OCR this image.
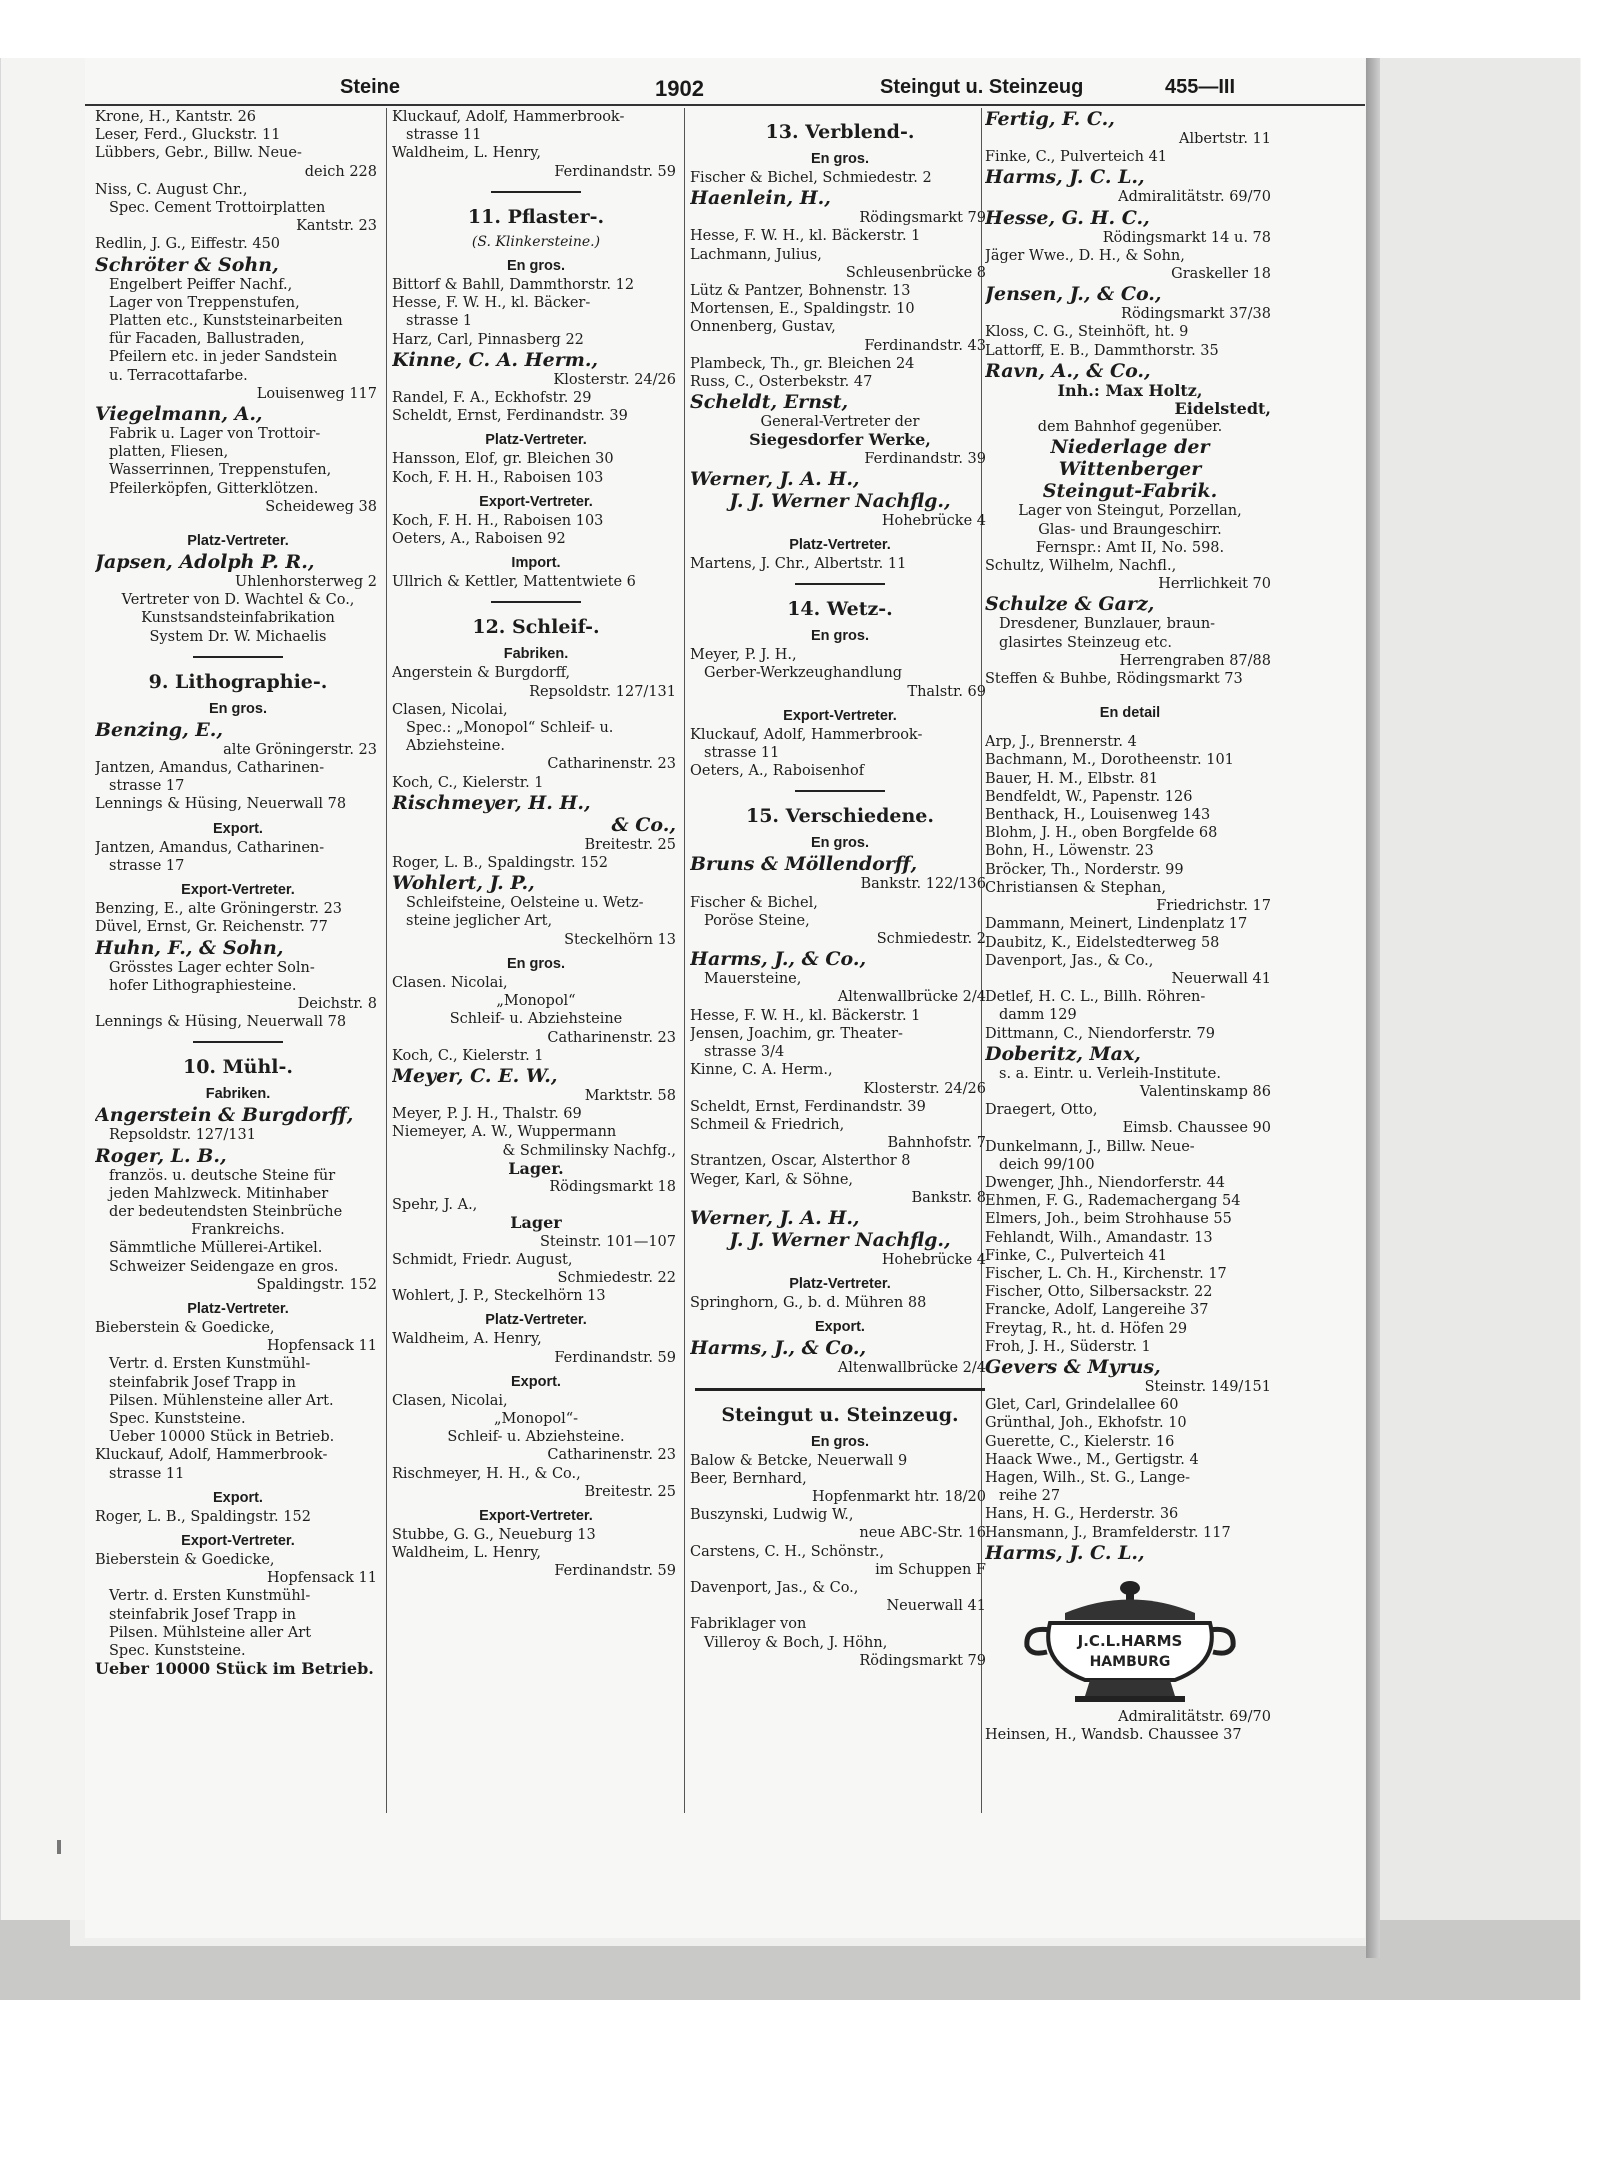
Steine	1902	Steingut u. Steinzeug	455—III
Krone, H., Kantstr. 26
Leser, Ferd., Gluckstr. 11
Lübbers, Gebr., Billw. Neue-
deich 228
Niss, C. August Chr.,
Spec. Cement Trottoirplatten
Kantstr. 23
Redlin, J. G., Eiffestr. 450
Schröter & Sohn,
Engelbert Peiffer Nachf.,
Lager von Treppenstufen,
Platten etc., Kunststeinarbeiten
für Facaden, Ballustraden,
Pfeilern etc. in jeder Sandstein
u. Terracottafarbe.
Louisenweg 117
Viegelmann, A.,
Fabrik u. Lager von Trottoir-
platten, Fliesen,
Wasserrinnen, Treppenstufen,
Pfeilerköpfen, Gitterklötzen.
Scheideweg 38
Platz-Vertreter.
Japsen, Adolph P. R.,
Uhlenhorsterweg 2
Vertreter von D. Wachtel & Co.,
Kunstsandsteinfabrikation
System Dr. W. Michaelis
9. Lithographie-.
En gros.
Benzing, E.,
alte Gröningerstr. 23
Jantzen, Amandus, Catharinen-
strasse 17
Lennings & Hüsing, Neuerwall 78
Export.
Jantzen, Amandus, Catharinen-
strasse 17
Export-Vertreter.
Benzing, E., alte Gröningerstr. 23
Düvel, Ernst, Gr. Reichenstr. 77
Huhn, F., & Sohn,
Grösstes Lager echter Soln-
hofer Lithographiesteine.
Deichstr. 8
Lennings & Hüsing, Neuerwall 78
10. Mühl-.
Fabriken.
Angerstein & Burgdorff,
Repsoldstr. 127/131
Roger, L. B.,
französ. u. deutsche Steine für
jeden Mahlzweck. Mitinhaber
der bedeutendsten Steinbrüche
Frankreichs.
Sämmtliche Müllerei-Artikel.
Schweizer Seidengaze en gros.
Spaldingstr. 152
Platz-Vertreter.
Bieberstein & Goedicke,
Hopfensack 11
Vertr. d. Ersten Kunstmühl-
steinfabrik Josef Trapp in
Pilsen. Mühlensteine aller Art.
Spec. Kunststeine.
Ueber 10000 Stück in Betrieb.
Kluckauf, Adolf, Hammerbrook-
strasse 11
Export.
Roger, L. B., Spaldingstr. 152
Export-Vertreter.
Bieberstein & Goedicke,
Hopfensack 11
Vertr. d. Ersten Kunstmühl-
steinfabrik Josef Trapp in
Pilsen. Mühlsteine aller Art
Spec. Kunststeine.
Ueber 10000 Stück im Betrieb.
Kluckauf, Adolf, Hammerbrook-
strasse 11
Waldheim, L. Henry,
Ferdinandstr. 59
11. Pflaster-.
(S. Klinkersteine.)
En gros.
Bittorf & Bahll, Dammthorstr. 12
Hesse, F. W. H., kl. Bäcker-
strasse 1
Harz, Carl, Pinnasberg 22
Kinne, C. A. Herm.,
Klosterstr. 24/26
Randel, F. A., Eckhofstr. 29
Scheldt, Ernst, Ferdinandstr. 39
Platz-Vertreter.
Hansson, Elof, gr. Bleichen 30
Koch, F. H. H., Raboisen 103
Export-Vertreter.
Koch, F. H. H., Raboisen 103
Oeters, A., Raboisen 92
Import.
Ullrich & Kettler, Mattentwiete 6
12. Schleif-.
Fabriken.
Angerstein & Burgdorff,
Repsoldstr. 127/131
Clasen, Nicolai,
Spec.: „Monopol“ Schleif- u.
Abziehsteine.
Catharinenstr. 23
Koch, C., Kielerstr. 1
Rischmeyer, H. H.,
& Co.,
Breitestr. 25
Roger, L. B., Spaldingstr. 152
Wohlert, J. P.,
Schleifsteine, Oelsteine u. Wetz-
steine jeglicher Art,
Steckelhörn 13
En gros.
Clasen. Nicolai,
„Monopol“
Schleif- u. Abziehsteine
Catharinenstr. 23
Koch, C., Kielerstr. 1
Meyer, C. E. W.,
Marktstr. 58
Meyer, P. J. H., Thalstr. 69
Niemeyer, A. W., Wuppermann
& Schmilinsky Nachfg.,
Lager.
Rödingsmarkt 18
Spehr, J. A.,
Lager
Steinstr. 101—107
Schmidt, Friedr. August,
Schmiedestr. 22
Wohlert, J. P., Steckelhörn 13
Platz-Vertreter.
Waldheim, A. Henry,
Ferdinandstr. 59
Export.
Clasen, Nicolai,
„Monopol“-
Schleif- u. Abziehsteine.
Catharinenstr. 23
Rischmeyer, H. H., & Co.,
Breitestr. 25
Export-Vertreter.
Stubbe, G. G., Neueburg 13
Waldheim, L. Henry,
Ferdinandstr. 59
13. Verblend-.
En gros.
Fischer & Bichel, Schmiedestr. 2
Haenlein, H.,
Rödingsmarkt 79
Hesse, F. W. H., kl. Bäckerstr. 1
Lachmann, Julius,
Schleusenbrücke 8
Lütz & Pantzer, Bohnenstr. 13
Mortensen, E., Spaldingstr. 10
Onnenberg, Gustav,
Ferdinandstr. 43
Plambeck, Th., gr. Bleichen 24
Russ, C., Osterbekstr. 47
Scheldt, Ernst,
General-Vertreter der
Siegesdorfer Werke,
Ferdinandstr. 39
Werner, J. A. H.,
J. J. Werner Nachflg.,
Hohebrücke 4
Platz-Vertreter.
Martens, J. Chr., Albertstr. 11
14. Wetz-.
En gros.
Meyer, P. J. H.,
Gerber-Werkzeughandlung
Thalstr. 69
Export-Vertreter.
Kluckauf, Adolf, Hammerbrook-
strasse 11
Oeters, A., Raboisenhof
15. Verschiedene.
En gros.
Bruns & Möllendorff,
Bankstr. 122/136
Fischer & Bichel,
Poröse Steine,
Schmiedestr. 2
Harms, J., & Co.,
Mauersteine,
Altenwallbrücke 2/4
Hesse, F. W. H., kl. Bäckerstr. 1
Jensen, Joachim, gr. Theater-
strasse 3/4
Kinne, C. A. Herm.,
Klosterstr. 24/26
Scheldt, Ernst, Ferdinandstr. 39
Schmeil & Friedrich,
Bahnhofstr. 7
Strantzen, Oscar, Alsterthor 8
Weger, Karl, & Söhne,
Bankstr. 8
Werner, J. A. H.,
J. J. Werner Nachflg.,
Hohebrücke 4
Platz-Vertreter.
Springhorn, G., b. d. Mühren 88
Export.
Harms, J., & Co.,
Altenwallbrücke 2/4
Steingut u. Steinzeug.
En gros.
Balow & Betcke, Neuerwall 9
Beer, Bernhard,
Hopfenmarkt htr. 18/20
Buszynski, Ludwig W.,
neue ABC-Str. 16
Carstens, C. H., Schönstr.,
im Schuppen F
Davenport, Jas., & Co.,
Neuerwall 41
Fabriklager von
Villeroy & Boch, J. Höhn,
Rödingsmarkt 79
Fertig, F. C.,
Albertstr. 11
Finke, C., Pulverteich 41
Harms, J. C. L.,
Admiralitätstr. 69/70
Hesse, G. H. C.,
Rödingsmarkt 14 u. 78
Jäger Wwe., D. H., & Sohn,
Graskeller 18
Jensen, J., & Co.,
Rödingsmarkt 37/38
Kloss, C. G., Steinhöft, ht. 9
Lattorff, E. B., Dammthorstr. 35
Ravn, A., & Co.,
Inh.: Max Holtz,
Eidelstedt,
dem Bahnhof gegenüber.
Niederlage der
Wittenberger
Steingut-Fabrik.
Lager von Steingut, Porzellan,
Glas- und Braungeschirr.
Fernspr.: Amt II, No. 598.
Schultz, Wilhelm, Nachfl.,
Herrlichkeit 70
Schulze & Garz,
Dresdener, Bunzlauer, braun-
glasirtes Steinzeug etc.
Herrengraben 87/88
Steffen & Buhbe, Rödingsmarkt 73
En detail
Arp, J., Brennerstr. 4
Bachmann, M., Dorotheenstr. 101
Bauer, H. M., Elbstr. 81
Bendfeldt, W., Papenstr. 126
Benthack, H., Louisenweg 143
Blohm, J. H., oben Borgfelde 68
Bohn, H., Löwenstr. 23
Bröcker, Th., Norderstr. 99
Christiansen & Stephan,
Friedrichstr. 17
Dammann, Meinert, Lindenplatz 17
Daubitz, K., Eidelstedterweg 58
Davenport, Jas., & Co.,
Neuerwall 41
Detlef, H. C. L., Billh. Röhren-
damm 129
Dittmann, C., Niendorferstr. 79
Doberitz, Max,
s. a. Eintr. u. Verleih-Institute.
Valentinskamp 86
Draegert, Otto,
Eimsb. Chaussee 90
Dunkelmann, J., Billw. Neue-
deich 99/100
Dwenger, Jhh., Niendorferstr. 44
Ehmen, F. G., Rademachergang 54
Elmers, Joh., beim Strohhause 55
Fehlandt, Wilh., Amandastr. 13
Finke, C., Pulverteich 41
Fischer, L. Ch. H., Kirchenstr. 17
Fischer, Otto, Silbersackstr. 22
Francke, Adolf, Langereihe 37
Freytag, R., ht. d. Höfen 29
Froh, J. H., Süderstr. 1
Gevers & Myrus,
Steinstr. 149/151
Glet, Carl, Grindelallee 60
Grünthal, Joh., Ekhofstr. 10
Guerette, C., Kielerstr. 16
Haack Wwe., M., Gertigstr. 4
Hagen, Wilh., St. G., Lange-
reihe 27
Hans, H. G., Herderstr. 36
Hansmann, J., Bramfelderstr. 117
Harms, J. C. L.,
J.C.L.HARMS
HAMBURG
Admiralitätstr. 69/70
Heinsen, H., Wandsb. Chaussee 37
